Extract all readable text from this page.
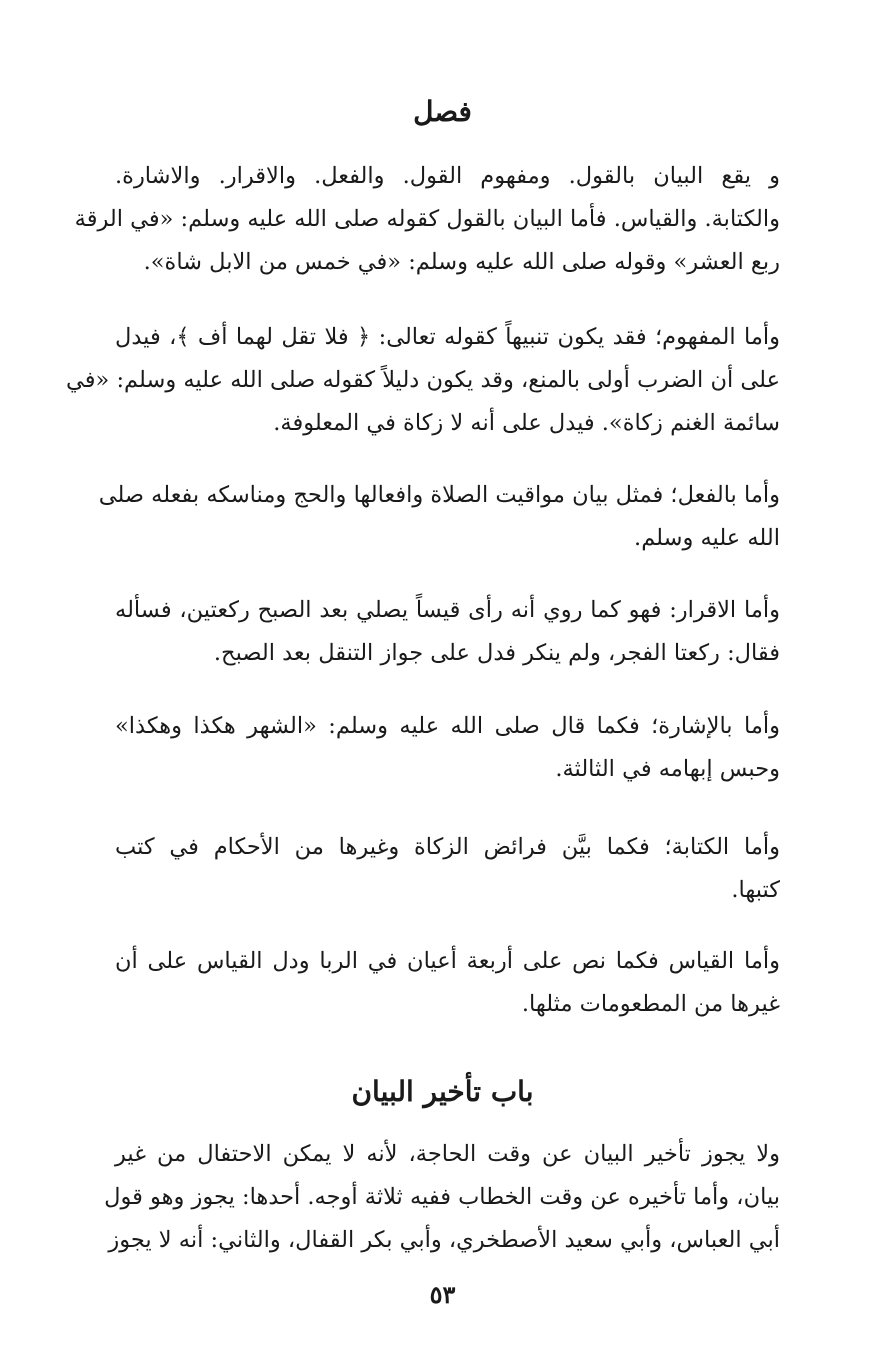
فصل
و يقع البيان بالقول. ومفهوم القول. والفعل. والاقرار. والاشارة.
والكتابة. والقياس. فأما البيان بالقول كقوله صلى الله عليه وسلم: «في الرقة
ربع العشر» وقوله صلى الله عليه وسلم: «في خمس من الابل شاة».
وأما المفهوم؛ فقد يكون تنبيهاً كقوله تعالى: ﴿ فلا تقل لهما أف ﴾، فيدل
على أن الضرب أولى بالمنع، وقد يكون دليلاً كقوله صلى الله عليه وسلم: «في
سائمة الغنم زكاة». فيدل على أنه لا زكاة في المعلوفة.
وأما بالفعل؛ فمثل بيان مواقيت الصلاة وافعالها والحج ومناسكه بفعله صلى
الله عليه وسلم.
وأما الاقرار: فهو كما روي أنه رأى قيساً يصلي بعد الصبح ركعتين، فسأله
فقال: ركعتا الفجر، ولم ينكر فدل على جواز التنقل بعد الصبح.
وأما بالإشارة؛ فكما قال صلى الله عليه وسلم: «الشهر هكذا وهكذا»
وحبس إبهامه في الثالثة.
وأما الكتابة؛ فكما بيَّن فرائض الزكاة وغيرها من الأحكام في كتب
كتبها.
وأما القياس فكما نص على أربعة أعيان في الربا ودل القياس على أن
غيرها من المطعومات مثلها.
باب تأخير البيان
ولا يجوز تأخير البيان عن وقت الحاجة، لأنه لا يمكن الاحتفال من غير
بيان، وأما تأخيره عن وقت الخطاب ففيه ثلاثة أوجه. أحدها: يجوز وهو قول
أبي العباس، وأبي سعيد الأصطخري، وأبي بكر القفال، والثاني: أنه لا يجوز
٥٣
